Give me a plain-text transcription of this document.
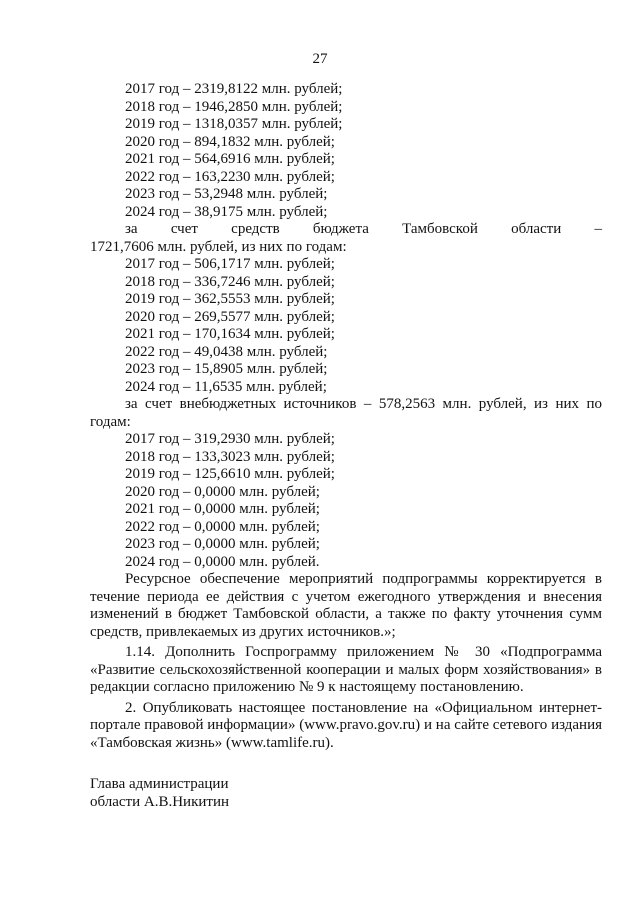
27
2017 год – 2319,8122 млн. рублей;
2018 год – 1946,2850 млн. рублей;
2019 год – 1318,0357 млн. рублей;
2020 год – 894,1832 млн. рублей;
2021 год – 564,6916 млн. рублей;
2022 год – 163,2230 млн. рублей;
2023 год – 53,2948 млн. рублей;
2024 год – 38,9175 млн. рублей;
за счет средств бюджета Тамбовской области –

1721,7606 млн. рублей, из них по годам:

2017 год – 506,1717 млн. рублей;
2018 год – 336,7246 млн. рублей;
2019 год – 362,5553 млн. рублей;
2020 год – 269,5577 млн. рублей;
2021 год – 170,1634 млн. рублей;
2022 год – 49,0438 млн. рублей;
2023 год – 15,8905 млн. рублей;
2024 год – 11,6535 млн. рублей;

за счет внебюджетных источников – 578,2563 млн. рублей, из них по годам:

2017 год – 319,2930 млн. рублей;
2018 год – 133,3023 млн. рублей;
2019 год – 125,6610 млн. рублей;
2020 год – 0,0000 млн. рублей;
2021 год – 0,0000 млн. рублей;
2022 год – 0,0000 млн. рублей;
2023 год – 0,0000 млн. рублей;
2024 год – 0,0000 млн. рублей.

Ресурсное обеспечение мероприятий подпрограммы корректируется в течение периода ее действия с учетом ежегодного утверждения и внесения изменений в бюджет Тамбовской области, а также по факту уточнения сумм средств, привлекаемых из других источников.»;

1.14. Дополнить Госпрограмму приложением № 30 «Подпрограмма «Развитие сельскохозяйственной кооперации и малых форм хозяйствования» в редакции согласно приложению № 9 к настоящему постановлению.

2. Опубликовать настоящее постановление на «Официальном интернет-портале правовой информации» (www.pravo.gov.ru) и на сайте сетевого издания «Тамбовская жизнь» (www.tamlife.ru).

Глава администрации
области А.В.Никитин
